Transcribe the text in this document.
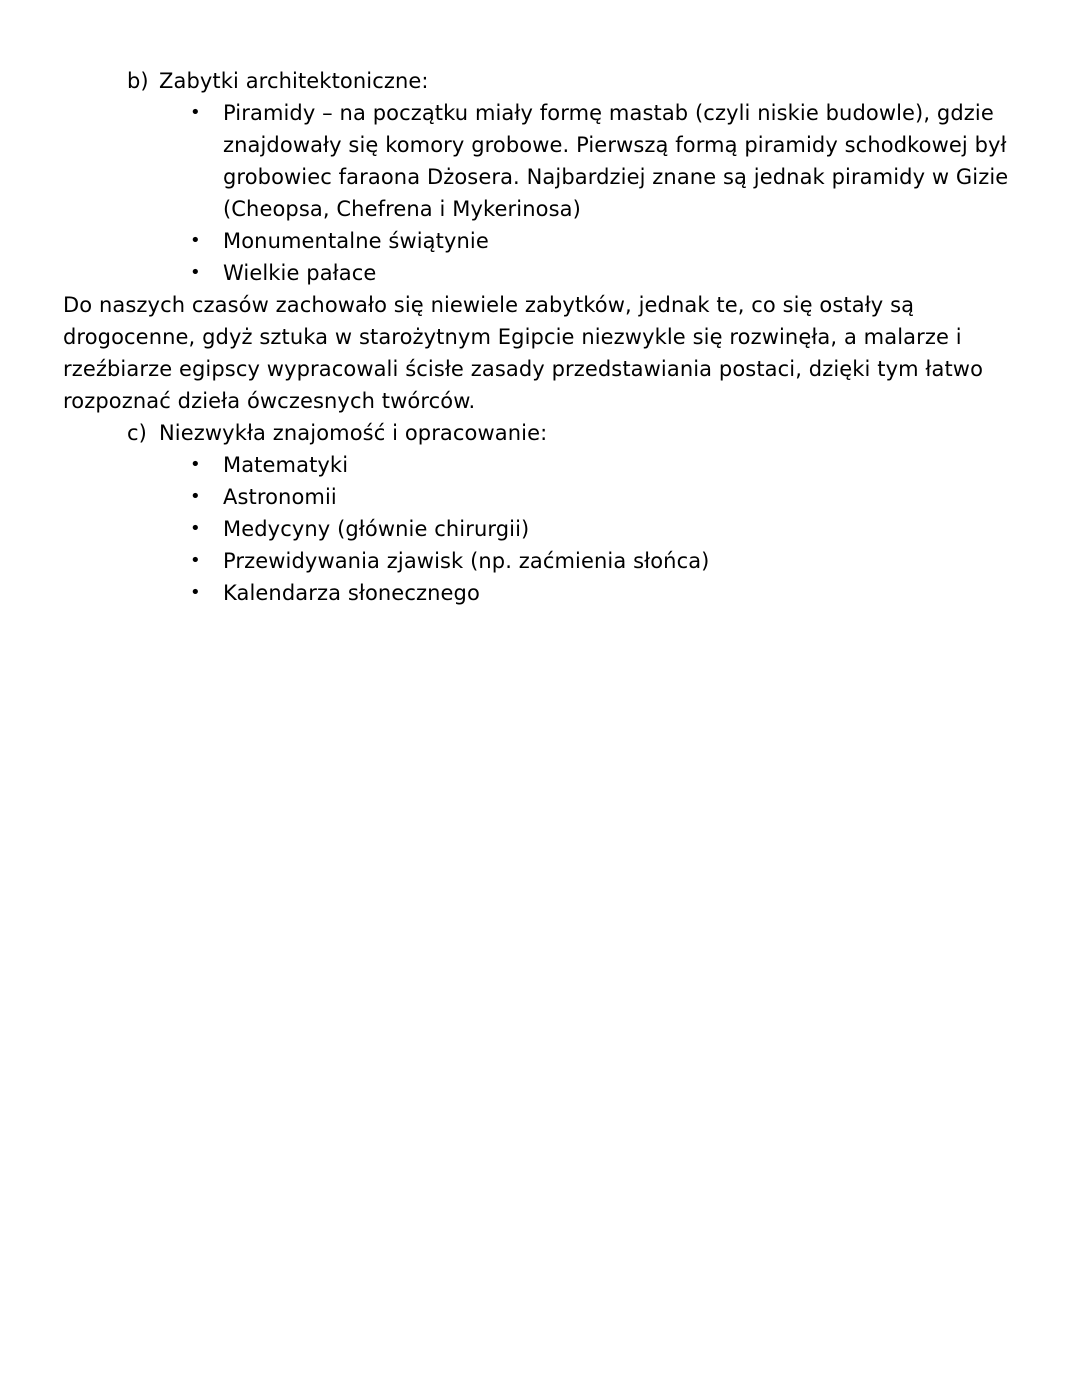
b) Zabytki architektoniczne:
•	Piramidy – na początku miały formę mastab (czyli niskie budowle), gdzie
znajdowały się komory grobowe. Pierwszą formą piramidy schodkowej był
grobowiec faraona Dżosera. Najbardziej znane są jednak piramidy w Gizie
(Cheopsa, Chefrena i Mykerinosa)
•	Monumentalne świątynie
•	Wielkie pałace
Do naszych czasów zachowało się niewiele zabytków, jednak te, co się ostały są
drogocenne, gdyż sztuka w starożytnym Egipcie niezwykle się rozwinęła, a malarze i
rzeźbiarze egipscy wypracowali ścisłe zasady przedstawiania postaci, dzięki tym łatwo
rozpoznać dzieła ówczesnych twórców.
c) Niezwykła znajomość i opracowanie:
•	Matematyki
•	Astronomii
•	Medycyny (głównie chirurgii)
•	Przewidywania zjawisk (np. zaćmienia słońca)
•	Kalendarza słonecznego
